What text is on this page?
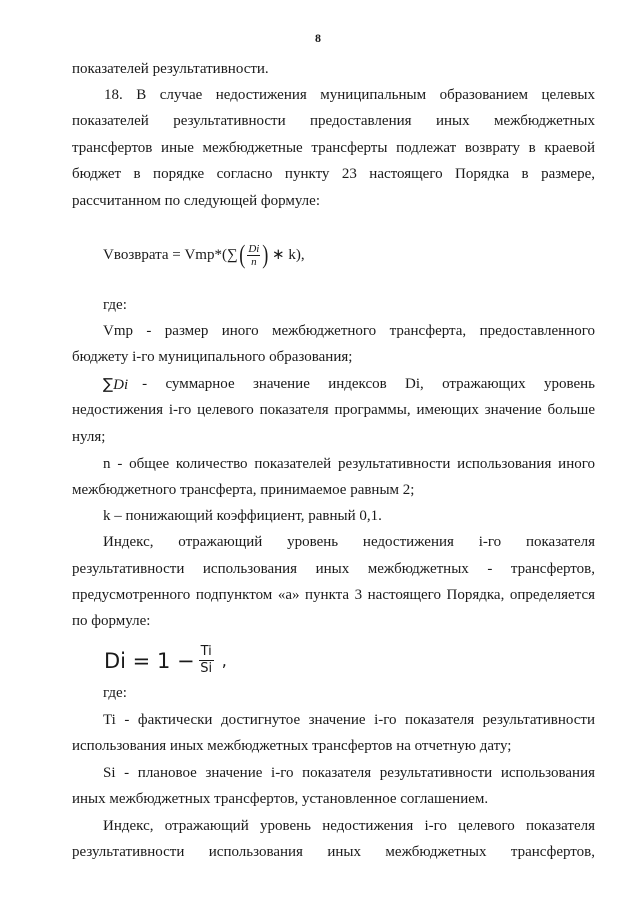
8
показателей результативности.
18. В случае недостижения муниципальным образованием целевых
показателей результативности предоставления иных межбюджетных
трансфертов иные межбюджетные трансферты подлежат возврату в краевой
бюджет в порядке согласно пункту 23 настоящего Порядка в размере,
рассчитанном по следующей формуле:
Vвозврата = Vmp*( ∑ ( $\frac{Di}{n}$ ) ∗ k),
где:
Vmp - размер иного межбюджетного трансферта, предоставленного
бюджету i-го муниципального образования;
∑Di - суммарное значение индексов Di, отражающих уровень
недостижения i-го целевого показателя программы, имеющих значение больше
нуля;
n - общее количество показателей результативности использования иного
межбюджетного трансферта, принимаемое равным 2;
k – понижающий коэффициент, равный 0,1.
Индекс, отражающий уровень недостижения i-го показателя
результативности использования иных межбюджетных - трансфертов,
предусмотренного подпунктом «а» пункта 3 настоящего Порядка, определяется
по формуле:
$Di = 1 - \frac{Ti}{Si}$ ,
где:
Ti - фактически достигнутое значение i-го показателя результативности
использования иных межбюджетных трансфертов на отчетную дату;
Si - плановое значение i-го показателя результативности использования
иных межбюджетных трансфертов, установленное соглашением.
Индекс, отражающий уровень недостижения i-го целевого показателя
результативности использования иных межбюджетных трансфертов,
